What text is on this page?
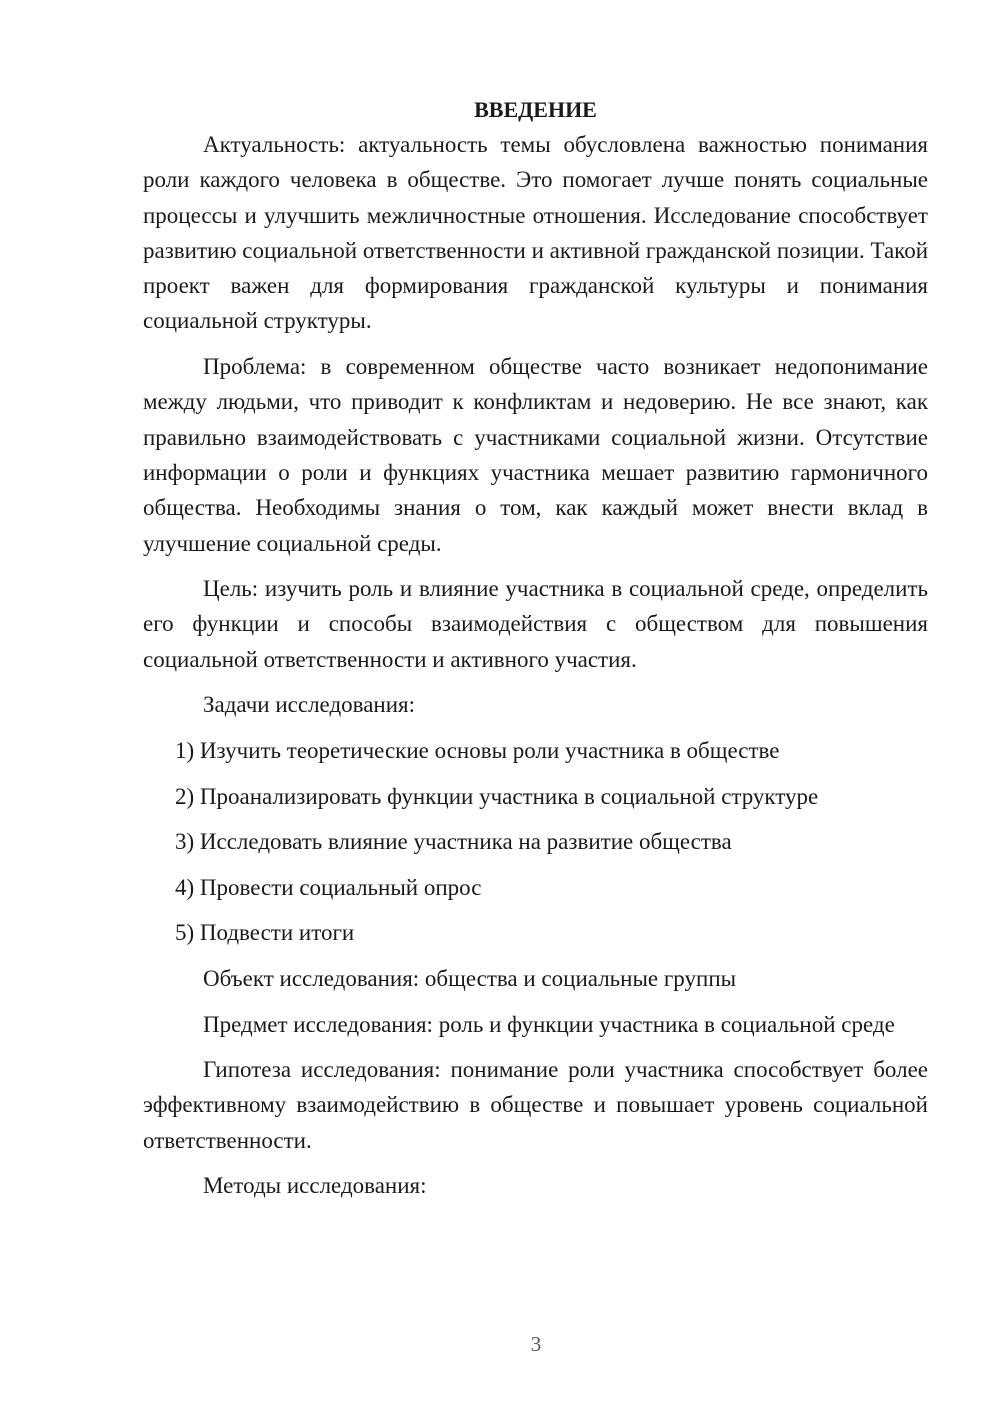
ВВЕДЕНИЕ

Актуальность: актуальность темы обусловлена важностью понимания роли каждого человека в обществе. Это помогает лучше понять социальные процессы и улучшить межличностные отношения. Исследование способствует развитию социальной ответственности и активной гражданской позиции. Такой проект важен для формирования гражданской культуры и понимания социальной структуры.

Проблема: в современном обществе часто возникает недопонимание между людьми, что приводит к конфликтам и недоверию. Не все знают, как правильно взаимодействовать с участниками социальной жизни. Отсутствие информации о роли и функциях участника мешает развитию гармоничного общества. Необходимы знания о том, как каждый может внести вклад в улучшение социальной среды.

Цель: изучить роль и влияние участника в социальной среде, определить его функции и способы взаимодействия с обществом для повышения социальной ответственности и активного участия.

Задачи исследования:

1) Изучить теоретические основы роли участника в обществе
2) Проанализировать функции участника в социальной структуре
3) Исследовать влияние участника на развитие общества
4) Провести социальный опрос
5) Подвести итоги

Объект исследования: общества и социальные группы

Предмет исследования: роль и функции участника в социальной среде

Гипотеза исследования: понимание роли участника способствует более эффективному взаимодействию в обществе и повышает уровень социальной ответственности.

Методы исследования:

3
